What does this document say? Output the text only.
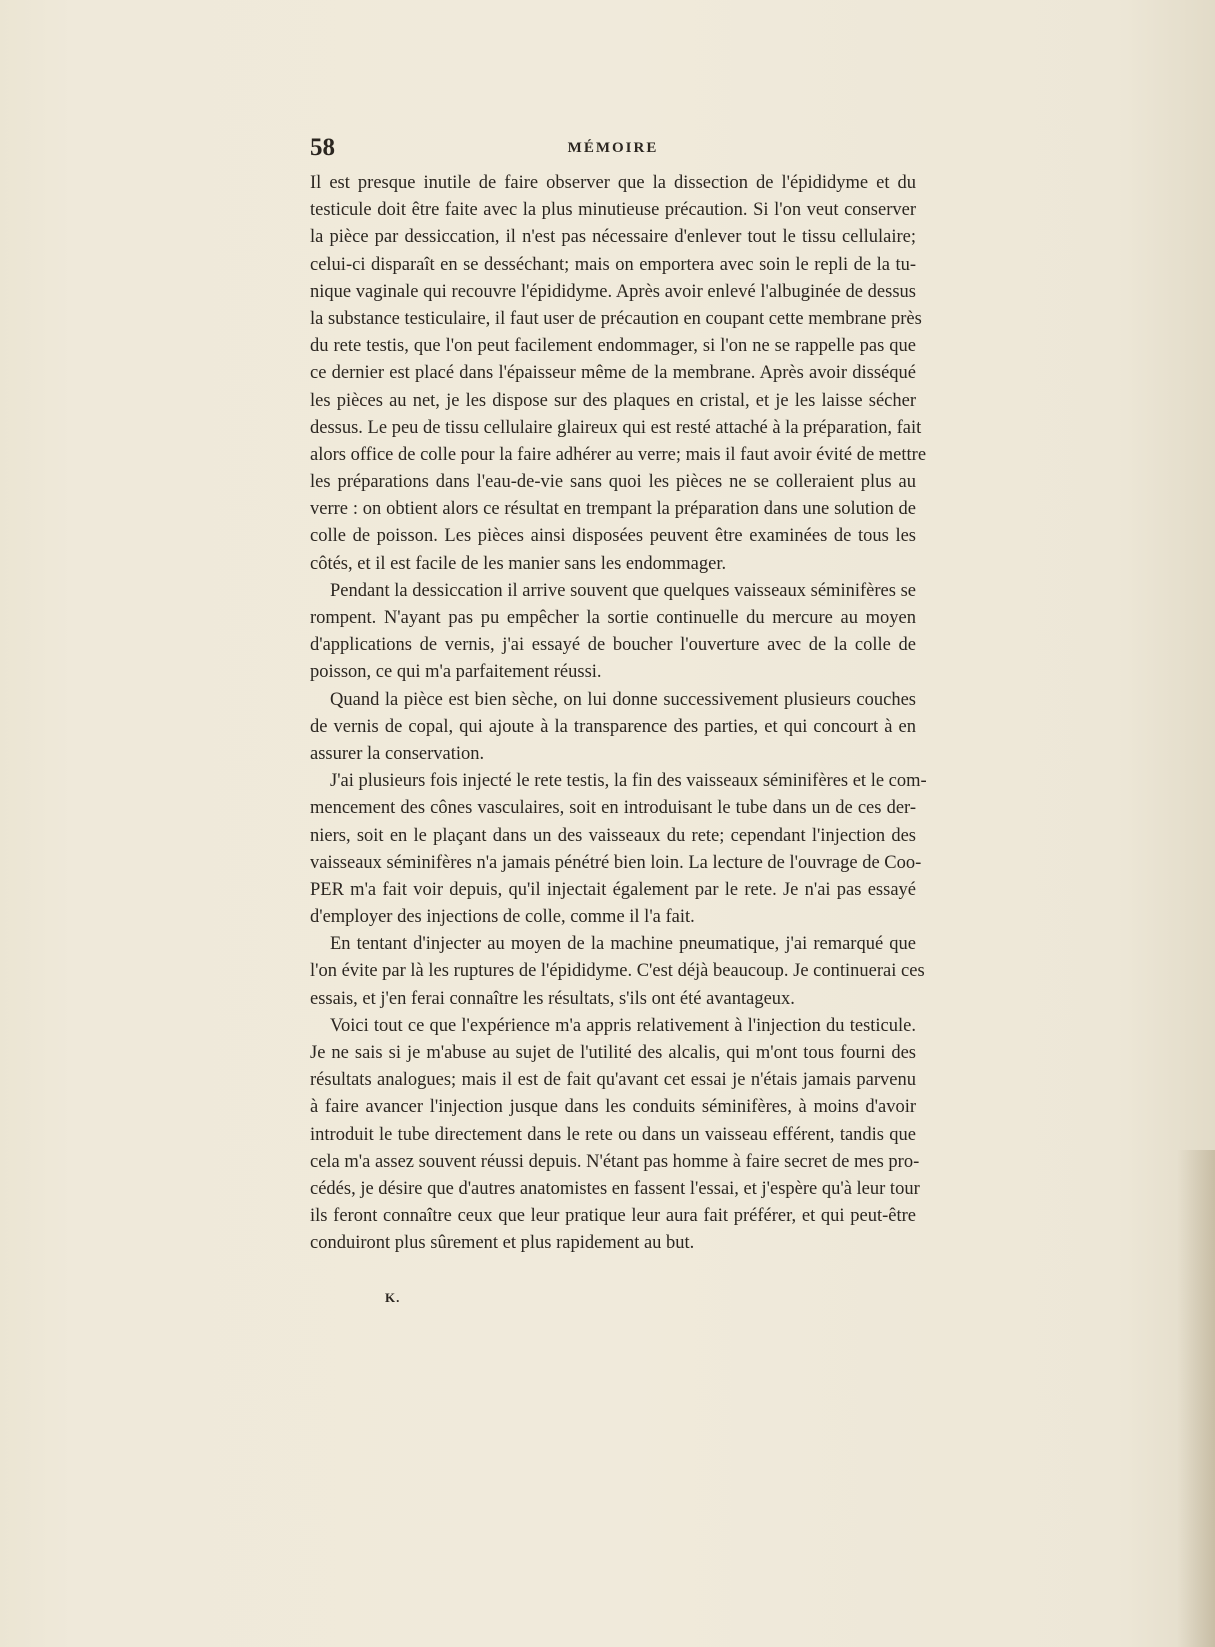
58	MÉMOIRE
Il est presque inutile de faire observer que la dissection de l'épididyme et du
testicule doit être faite avec la plus minutieuse précaution. Si l'on veut conserver
la pièce par dessiccation, il n'est pas nécessaire d'enlever tout le tissu cellulaire;
celui-ci disparaît en se desséchant; mais on emportera avec soin le repli de la tu-
nique vaginale qui recouvre l'épididyme. Après avoir enlevé l'albuginée de dessus
la substance testiculaire, il faut user de précaution en coupant cette membrane près
du rete testis, que l'on peut facilement endommager, si l'on ne se rappelle pas que
ce dernier est placé dans l'épaisseur même de la membrane. Après avoir disséqué
les pièces au net, je les dispose sur des plaques en cristal, et je les laisse sécher
dessus. Le peu de tissu cellulaire glaireux qui est resté attaché à la préparation, fait
alors office de colle pour la faire adhérer au verre; mais il faut avoir évité de mettre
les préparations dans l'eau-de-vie sans quoi les pièces ne se colleraient plus au
verre : on obtient alors ce résultat en trempant la préparation dans une solution de
colle de poisson. Les pièces ainsi disposées peuvent être examinées de tous les
côtés, et il est facile de les manier sans les endommager.
Pendant la dessiccation il arrive souvent que quelques vaisseaux séminifères se
rompent. N'ayant pas pu empêcher la sortie continuelle du mercure au moyen
d'applications de vernis, j'ai essayé de boucher l'ouverture avec de la colle de
poisson, ce qui m'a parfaitement réussi.
Quand la pièce est bien sèche, on lui donne successivement plusieurs couches
de vernis de copal, qui ajoute à la transparence des parties, et qui concourt à en
assurer la conservation.
J'ai plusieurs fois injecté le rete testis, la fin des vaisseaux séminifères et le com-
mencement des cônes vasculaires, soit en introduisant le tube dans un de ces der-
niers, soit en le plaçant dans un des vaisseaux du rete; cependant l'injection des
vaisseaux séminifères n'a jamais pénétré bien loin. La lecture de l'ouvrage de Coo-
PER m'a fait voir depuis, qu'il injectait également par le rete. Je n'ai pas essayé
d'employer des injections de colle, comme il l'a fait.
En tentant d'injecter au moyen de la machine pneumatique, j'ai remarqué que
l'on évite par là les ruptures de l'épididyme. C'est déjà beaucoup. Je continuerai ces
essais, et j'en ferai connaître les résultats, s'ils ont été avantageux.
Voici tout ce que l'expérience m'a appris relativement à l'injection du testicule.
Je ne sais si je m'abuse au sujet de l'utilité des alcalis, qui m'ont tous fourni des
résultats analogues; mais il est de fait qu'avant cet essai je n'étais jamais parvenu
à faire avancer l'injection jusque dans les conduits séminifères, à moins d'avoir
introduit le tube directement dans le rete ou dans un vaisseau efférent, tandis que
cela m'a assez souvent réussi depuis. N'étant pas homme à faire secret de mes pro-
cédés, je désire que d'autres anatomistes en fassent l'essai, et j'espère qu'à leur tour
ils feront connaître ceux que leur pratique leur aura fait préférer, et qui peut-être
conduiront plus sûrement et plus rapidement au but.
K.
